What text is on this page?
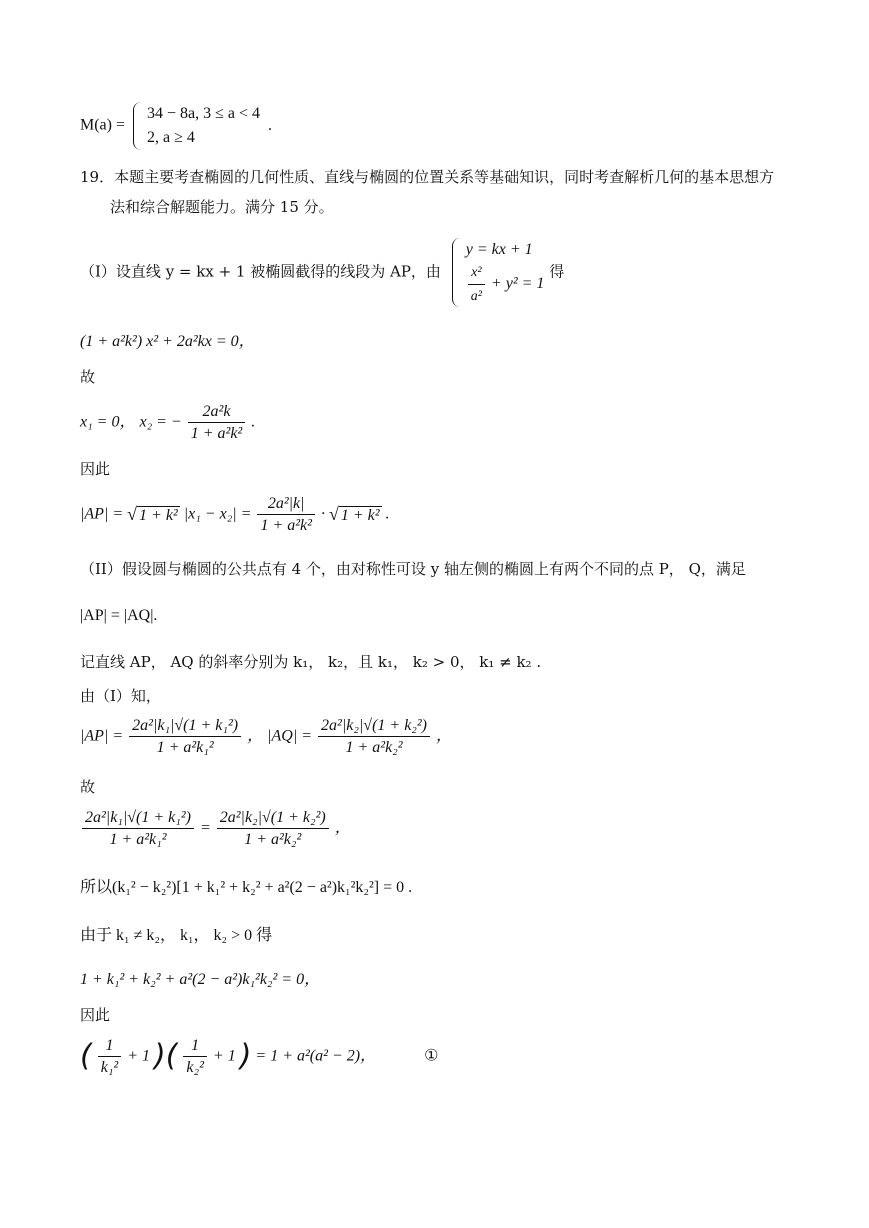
M(a) =
34 − 8a, 3 ≤ a < 4
2, a ≥ 4
.
19．本题主要考查椭圆的几何性质、直线与椭圆的位置关系等基础知识，同时考查解析几何的基本思想方
法和综合解题能力。满分 15 分。
（I）设直线 y = kx + 1 被椭圆截得的线段为 AP，由
y = kx + 1
$\frac{\text{x²}}{\text{a²}} + y^2 = 1$
得
(1 + a²k²) x² + 2a²kx = 0，
故
x₁ = 0， x₂ = − $\frac{\text{2a²k}}{\text{1 + a²k²}}$ .
因此
|AP| = √ 1 + k² $|x_1 - x_2| = \frac{\text{2a²|k|}}{\text{1 + a²k²}}$ · √ 1 + k² .
（II）假设圆与椭圆的公共点有 4 个，由对称性可设 y 轴左侧的椭圆上有两个不同的点 P， Q，满足
|AP| = |AQ|.
记直线 AP， AQ 的斜率分别为 k₁， k₂，且 k₁， k₂ > 0， k₁ ≠ k₂ .
由（I）知，
$|AP| = \frac{\text{2a²|k₁|√(1 + k₁²)}}{\text{1 + a²k₁²}}$ ， $|AQ| = \frac{\text{2a²|k₂|√(1 + k₂²)}}{\text{1 + a²k₂²}}$ ，
故
$\frac{\text{2a²|k₁|√(1 + k₁²)}}{\text{1 + a²k₁²}} = \frac{\text{2a²|k₂|√(1 + k₂²)}}{\text{1 + a²k₂²}}$ ，
所以(k₁² − k₂²)[1 + k₁² + k₂² + a²(2 − a²)k₁²k₂²] = 0 .
由于 k₁ ≠ k₂， k₁， k₂ > 0 得
1 + k₁² + k₂² + a²(2 − a²)k₁²k₂² = 0，
因此
( $\frac{1}{\text{k₁²}} + 1$ )( $\frac{1}{\text{k₂²}} + 1$ ) = 1 + a²(a² − 2)，	①
